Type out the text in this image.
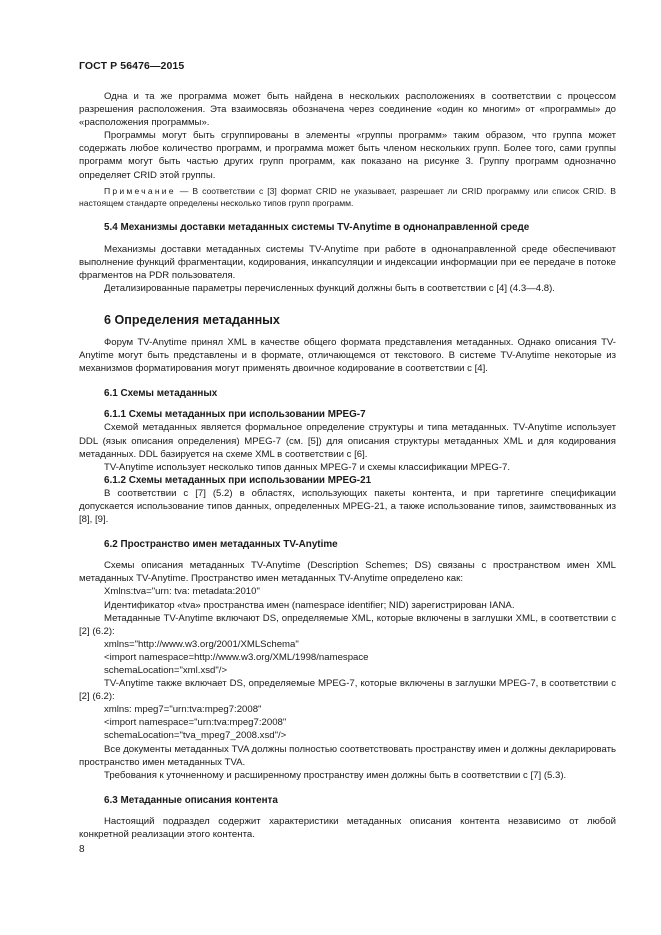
ГОСТ Р 56476—2015

Одна и та же программа может быть найдена в нескольких расположениях в соответствии с процессом разрешения расположения. Эта взаимосвязь обозначена через соединение «один ко многим» от «программы» до «расположения программы».

Программы могут быть сгруппированы в элементы «группы программ» таким образом, что группа может содержать любое количество программ, и программа может быть членом нескольких групп. Более того, сами группы программ могут быть частью других групп программ, как показано на рисунке 3. Группу программ однозначно определяет CRID этой группы.

Примечание — В соответствии с [3] формат CRID не указывает, разрешает ли CRID программу или список CRID. В настоящем стандарте определены несколько типов групп программ.

5.4 Механизмы доставки метаданных системы TV-Anytime в однонаправленной среде

Механизмы доставки метаданных системы TV-Anytime при работе в однонаправленной среде обеспечивают выполнение функций фрагментации, кодирования, инкапсуляции и индексации информации при ее передаче в потоке фрагментов на PDR пользователя.

Детализированные параметры перечисленных функций должны быть в соответствии с [4] (4.3—4.8).

6 Определения метаданных

Форум TV-Anytime принял XML в качестве общего формата представления метаданных. Однако описания TV-Anytime могут быть представлены и в формате, отличающемся от текстового. В системе TV-Anytime некоторые из механизмов форматирования могут применять двоичное кодирование в соответствии с [4].

6.1 Схемы метаданных

6.1.1 Схемы метаданных при использовании MPEG-7

Схемой метаданных является формальное определение структуры и типа метаданных. TV-Anytime использует DDL (язык описания определения) MPEG-7 (см. [5]) для описания структуры метаданных XML и для кодирования метаданных. DDL базируется на схеме XML в соответствии с [6].

TV-Anytime использует несколько типов данных MPEG-7 и схемы классификации MPEG-7.

6.1.2 Схемы метаданных при использовании MPEG-21

В соответствии с [7] (5.2) в областях, использующих пакеты контента, и при таргетинге спецификации допускается использование типов данных, определенных MPEG-21, а также использование типов, заимствованных из [8], [9].

6.2 Пространство имен метаданных TV-Anytime

Схемы описания метаданных TV-Anytime (Description Schemes; DS) связаны с пространством имен XML метаданных TV-Anytime. Пространство имен метаданных TV-Anytime определено как:

Xmlns:tva="urn: tva: metadata:2010"

Идентификатор «tva» пространства имен (namespace identifier; NID) зарегистрирован IANA.

Метаданные TV-Anytime включают DS, определяемые XML, которые включены в заглушки XML, в соответствии с [2] (6.2):

xmlns="http://www.w3.org/2001/XMLSchema"

<import namespace=http://www.w3.org/XML/1998/namespace

schemaLocation="xml.xsd"/>

TV-Anytime также включает DS, определяемые MPEG-7, которые включены в заглушки MPEG-7, в соответствии с [2] (6.2):

xmlns: mpeg7="urn:tva:mpeg7:2008"

<import namespace="urn:tva:mpeg7:2008"

schemaLocation="tva_mpeg7_2008.xsd"/>

Все документы метаданных TVA должны полностью соответствовать пространству имен и должны декларировать пространство имен метаданных TVA.

Требования к уточненному и расширенному пространству имен должны быть в соответствии с [7] (5.3).

6.3 Метаданные описания контента

Настоящий подраздел содержит характеристики метаданных описания контента независимо от любой конкретной реализации этого контента.

8
